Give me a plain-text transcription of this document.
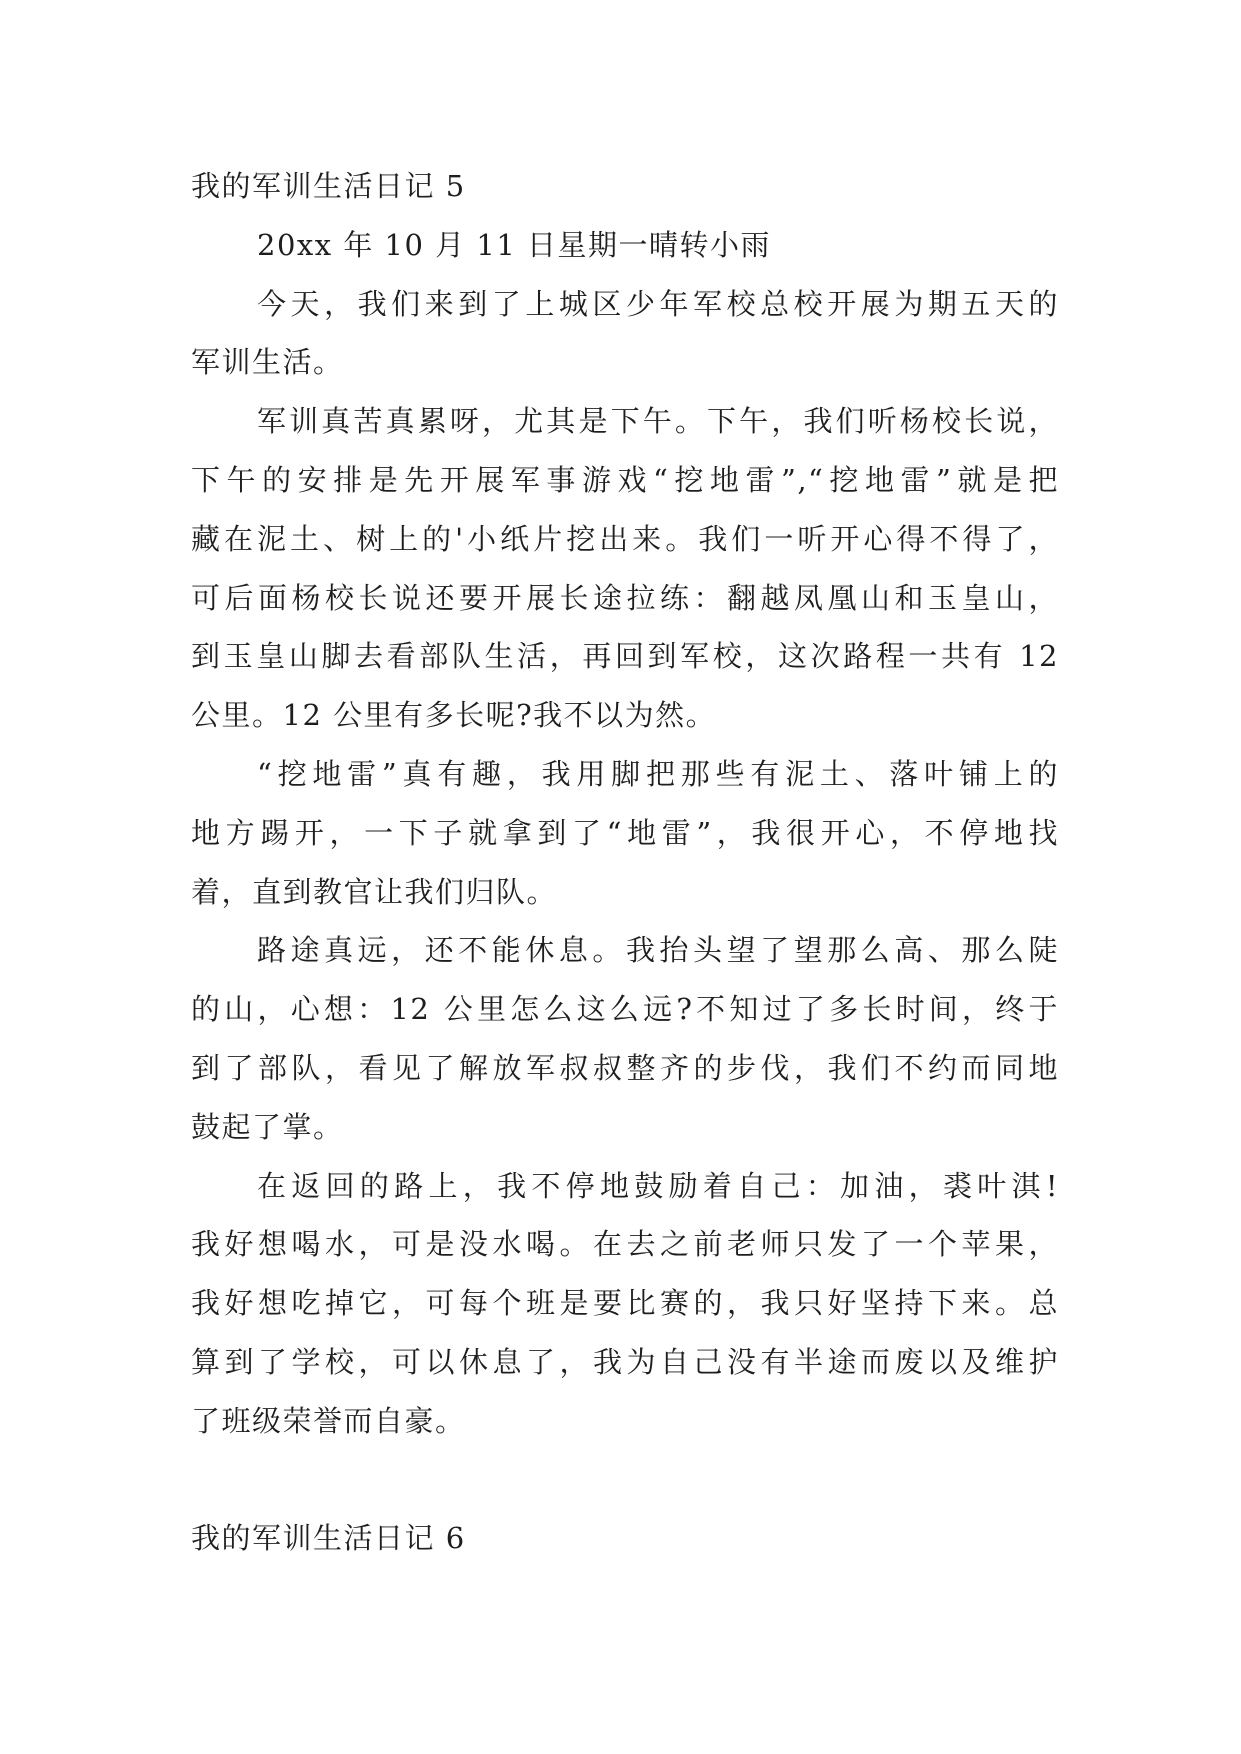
我的军训生活日记 5
20xx 年 10 月 11 日星期一晴转小雨
今天，我们来到了上城区少年军校总校开展为期五天的
军训生活。
军训真苦真累呀，尤其是下午。下午，我们听杨校长说，
下午的安排是先开展军事游戏“挖地雷”,“挖地雷”就是把
藏在泥土、树上的'小纸片挖出来。我们一听开心得不得了，
可后面杨校长说还要开展长途拉练：翻越凤凰山和玉皇山，
到玉皇山脚去看部队生活，再回到军校，这次路程一共有 12
公里。12 公里有多长呢?我不以为然。
“挖地雷”真有趣，我用脚把那些有泥土、落叶铺上的
地方踢开，一下子就拿到了“地雷”，我很开心，不停地找
着，直到教官让我们归队。
路途真远，还不能休息。我抬头望了望那么高、那么陡
的山，心想：12 公里怎么这么远?不知过了多长时间，终于
到了部队，看见了解放军叔叔整齐的步伐，我们不约而同地
鼓起了掌。
在返回的路上，我不停地鼓励着自己：加油，裘叶淇!
我好想喝水，可是没水喝。在去之前老师只发了一个苹果，
我好想吃掉它，可每个班是要比赛的，我只好坚持下来。总
算到了学校，可以休息了，我为自己没有半途而废以及维护
了班级荣誉而自豪。
我的军训生活日记 6
